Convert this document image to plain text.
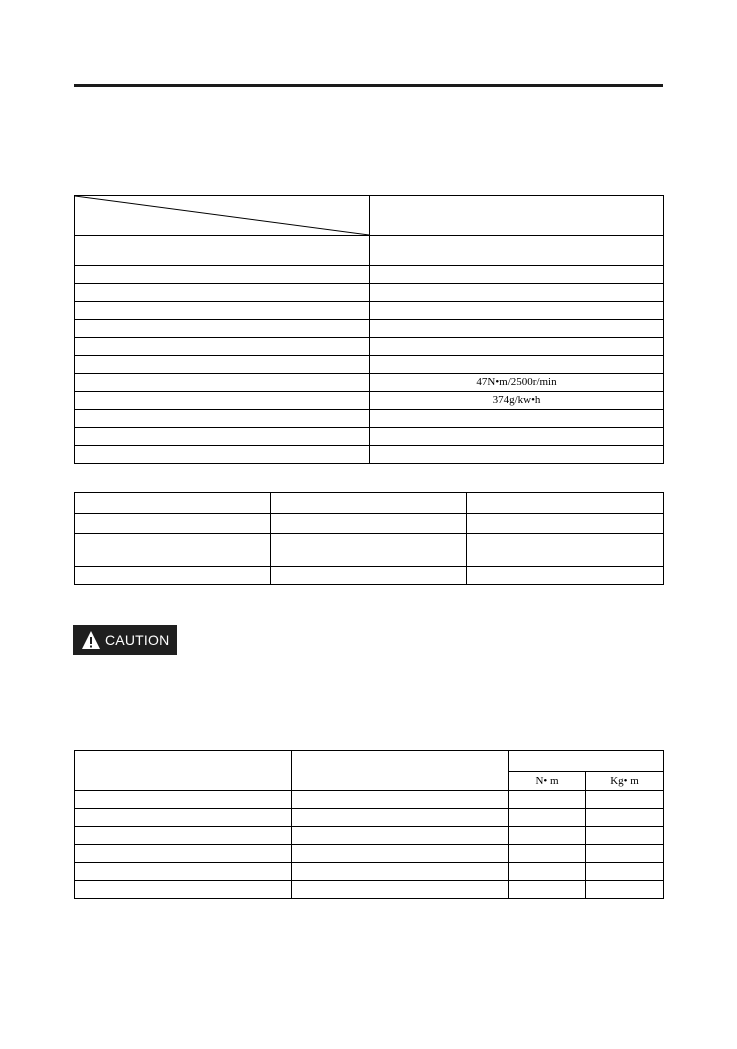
	47N•m/2500r/min
	374g/kw•h

CAUTION

		N• m	Kg• m
